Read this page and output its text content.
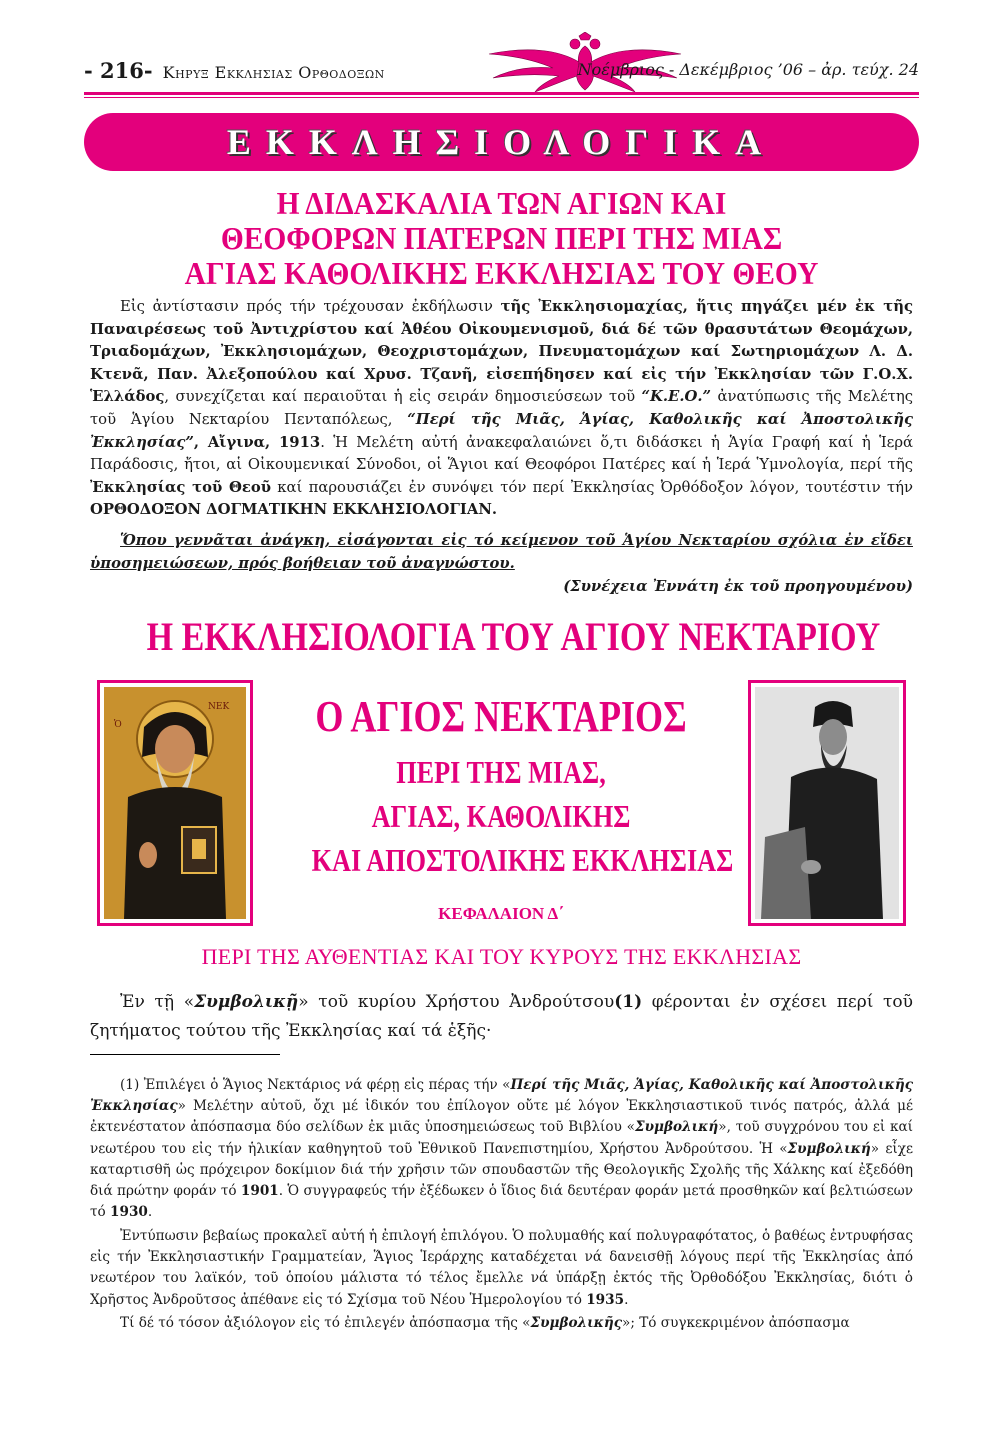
- 216- Κηρυξ Εκκλησιας Ορθοδοξων	Νοέμβριος - Δεκέμβριος ’06 – ἀρ. τεύχ. 24
ΕΚΚΛΗΣΙΟΛΟΓΙΚΑ
Η ΔΙΔΑΣΚΑΛΙΑ ΤΩΝ ΑΓΙΩΝ ΚΑΙ
ΘΕΟΦΟΡΩΝ ΠΑΤΕΡΩΝ ΠΕΡΙ ΤΗΣ ΜΙΑΣ
ΑΓΙΑΣ ΚΑΘΟΛΙΚΗΣ ΕΚΚΛΗΣΙΑΣ ΤΟΥ ΘΕΟΥ
Εἰς ἀντίστασιν πρός τήν τρέχουσαν ἐκδήλωσιν τῆς Ἐκκλησιομαχίας, ἥτις πηγάζει μέν ἐκ τῆς Παναιρέσεως τοῦ Ἀντιχρίστου καί Ἀθέου Οἰκουμενισμοῦ, διά δέ τῶν θρασυτάτων Θεομάχων, Τριαδομάχων, Ἐκκλησιομάχων, Θεοχριστομάχων, Πνευματομάχων καί Σωτηριομάχων Λ. Δ. Κτενᾶ, Παν. Ἀλεξοπούλου καί Χρυσ. Τζανῆ, εἰσεπήδησεν καί εἰς τήν Ἐκκλησίαν τῶν Γ.Ο.Χ. Ἑλλάδος, συνεχίζεται καί περαιοῦται ἡ εἰς σειράν δημοσιεύσεων τοῦ “Κ.Ε.Ο.” ἀνατύπωσις τῆς Μελέτης τοῦ Ἁγίου Νεκταρίου Πενταπόλεως, “Περί τῆς Μιᾶς, Ἁγίας, Καθολικῆς καί Ἀποστολικῆς Ἐκκλησίας”, Αἴγινα, 1913. Ἡ Μελέτη αὐτή ἀνακεφαλαιώνει ὅ,τι διδάσκει ἡ Ἁγία Γραφή καί ἡ Ἱερά Παράδοσις, ἤτοι, αἱ Οἰκουμενικαί Σύνοδοι, οἱ Ἅγιοι καί Θεοφόροι Πατέρες καί ἡ Ἱερά Ὑμνολογία, περί τῆς Ἐκκλησίας τοῦ Θεοῦ καί παρουσιάζει ἐν συνόψει τόν περί Ἐκκλησίας Ὀρθόδοξον λόγον, τουτέστιν τήν ΟΡΘΟΔΟΞΟΝ ΔΟΓΜΑΤΙΚΗΝ ΕΚΚΛΗΣΙΟΛΟΓΙΑΝ.
Ὅπου γεννᾶται ἀνάγκη, εἰσάγονται εἰς τό κείμενον τοῦ Ἁγίου Νεκταρίου σχόλια ἐν εἴδει ὑποσημειώσεων, πρός βοήθειαν τοῦ ἀναγνώστου.
(Συνέχεια Ἐννάτη ἐκ τοῦ προηγουμένου)
Η ΕΚΚΛΗΣΙΟΛΟΓΙΑ ΤΟΥ ΑΓΙΟΥ ΝΕΚΤΑΡΙΟΥ
Ὁ
ΝΕΚ Ο ΑΓΙΟΣ ΝΕΚΤΑΡΙΟΣ
ΠΕΡΙ ΤΗΣ ΜΙΑΣ,
ΑΓΙΑΣ, ΚΑΘΟΛΙΚΗΣ
ΚΑΙ ΑΠΟΣΤΟΛΙΚΗΣ ΕΚΚΛΗΣΙΑΣ
ΚΕΦΑΛΑΙΟΝ Δ΄
ΠΕΡΙ ΤΗΣ ΑΥΘΕΝΤΙΑΣ ΚΑΙ ΤΟΥ ΚΥΡΟΥΣ ΤΗΣ ΕΚΚΛΗΣΙΑΣ
Ἐν τῇ «Συμβολικῇ» τοῦ κυρίου Χρήστου Ἀνδρούτσου(1) φέρονται ἐν σχέσει περί τοῦ ζητήματος τούτου τῆς Ἐκκλησίας καί τά ἑξῆς·
(1) Ἐπιλέγει ὁ Ἅγιος Νεκτάριος νά φέρῃ εἰς πέρας τήν «Περί τῆς Μιᾶς, Ἁγίας, Καθολικῆς καί Ἀποστολικῆς Ἐκκλησίας» Μελέτην αὐτοῦ, ὄχι μέ ἰδικόν του ἐπίλογον οὔτε μέ λόγον Ἐκκλησιαστικοῦ τινός πατρός, ἀλλά μέ ἐκτενέστατον ἀπόσπασμα δύο σελίδων ἐκ μιᾶς ὑποσημειώσεως τοῦ Βιβλίου «Συμβολική», τοῦ συγχρόνου του εἰ καί νεωτέρου του εἰς τήν ἡλικίαν καθηγητοῦ τοῦ Ἐθνικοῦ Πανεπιστημίου, Χρήστου Ἀνδρούτσου. Ἡ «Συμβολική» εἶχε καταρτισθῆ ὡς πρόχειρον δοκίμιον διά τήν χρῆσιν τῶν σπουδαστῶν τῆς Θεολογικῆς Σχολῆς τῆς Χάλκης καί ἐξεδόθη διά πρώτην φοράν τό 1901. Ὁ συγγραφεύς τήν ἐξέδωκεν ὁ ἴδιος διά δευτέραν φοράν μετά προσθηκῶν καί βελτιώσεων τό 1930.
Ἐντύπωσιν βεβαίως προκαλεῖ αὐτή ἡ ἐπιλογή ἐπιλόγου. Ὁ πολυμαθής καί πολυγραφότατος, ὁ βαθέως ἐντρυφήσας εἰς τήν Ἐκκλησιαστικήν Γραμματείαν, Ἅγιος Ἱεράρχης καταδέχεται νά δανεισθῇ λόγους περί τῆς Ἐκκλησίας ἀπό νεωτέρον του λαϊκόν, τοῦ ὁποίου μάλιστα τό τέλος ἔμελλε νά ὑπάρξῃ ἐκτός τῆς Ὀρθοδόξου Ἐκκλησίας, διότι ὁ Χρῆστος Ἀνδροῦτσος ἀπέθανε εἰς τό Σχίσμα τοῦ Νέου Ἡμερολογίου τό 1935.
Τί δέ τό τόσον ἀξιόλογον εἰς τό ἐπιλεγέν ἀπόσπασμα τῆς «Συμβολικῆς»; Τό συγκεκριμένον ἀπόσπασμα
